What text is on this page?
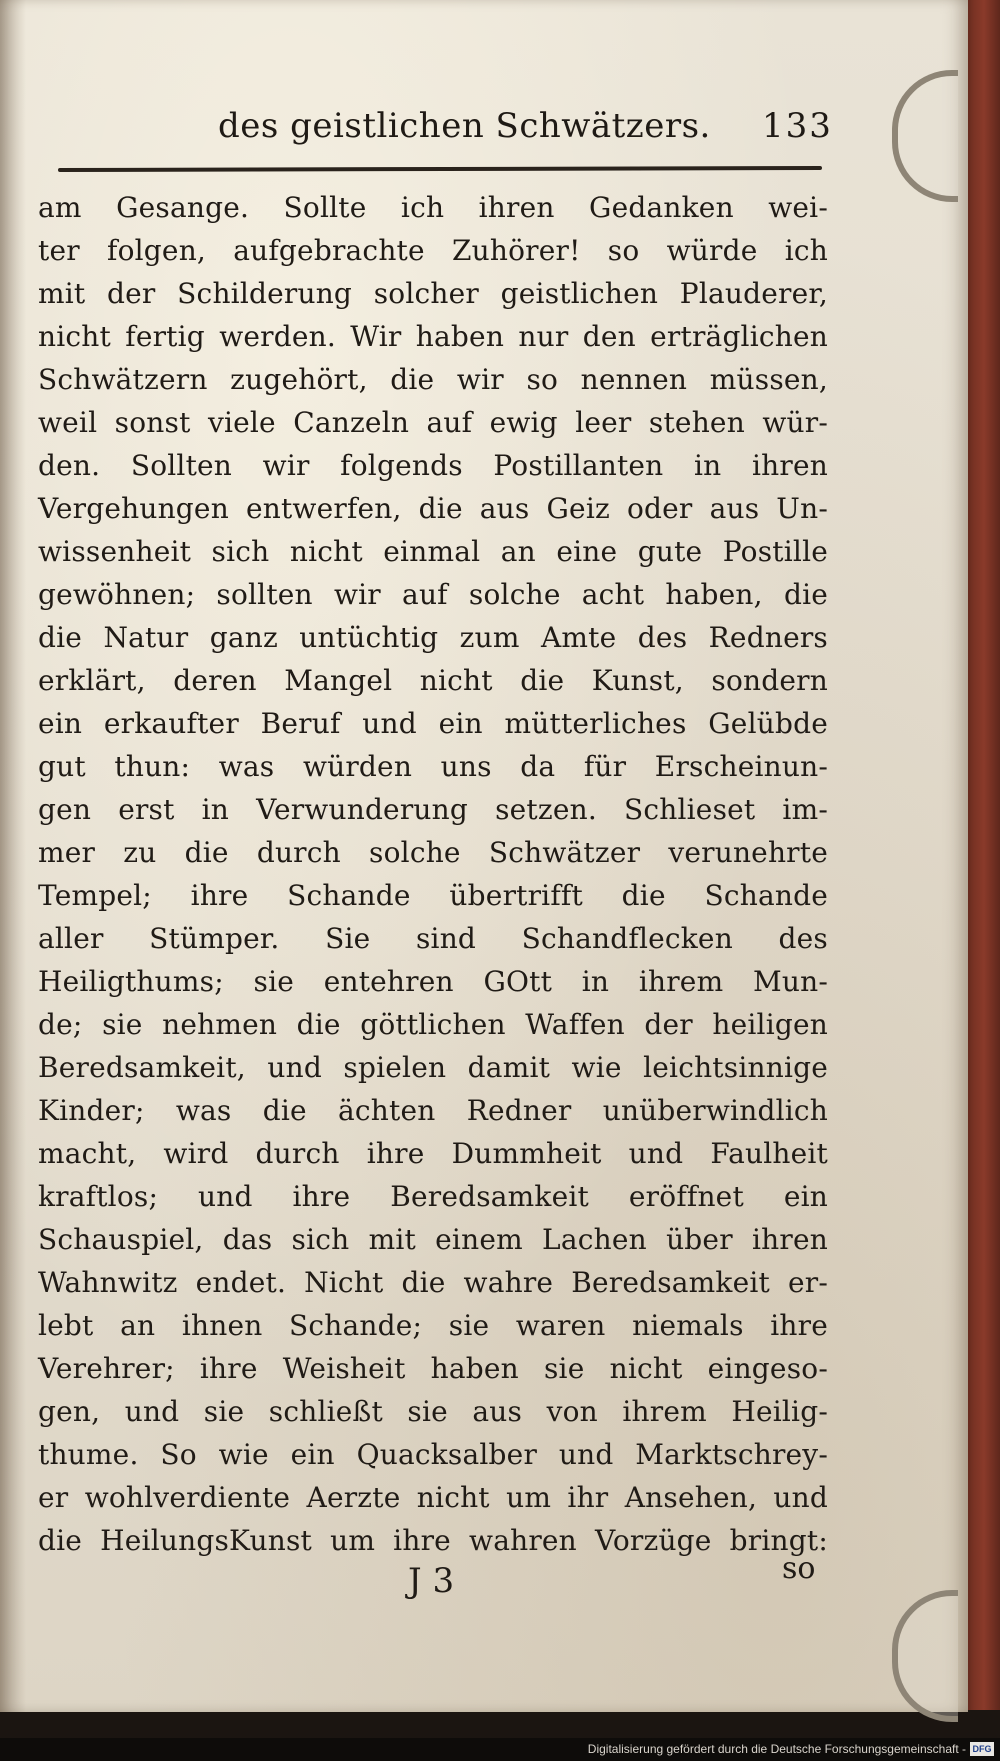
des geistlichen Schwätzers. 133
am Gesange. Sollte ich ihren Gedanken wei-
ter folgen, aufgebrachte Zuhörer! so würde ich
mit der Schilderung solcher geistlichen Plauderer,
nicht fertig werden. Wir haben nur den erträglichen
Schwätzern zugehört, die wir so nennen müssen,
weil sonst viele Canzeln auf ewig leer stehen wür-
den. Sollten wir folgends Postillanten in ihren
Vergehungen entwerfen, die aus Geiz oder aus Un-
wissenheit sich nicht einmal an eine gute Postille
gewöhnen; sollten wir auf solche acht haben, die
die Natur ganz untüchtig zum Amte des Redners
erklärt, deren Mangel nicht die Kunst, sondern
ein erkaufter Beruf und ein mütterliches Gelübde
gut thun: was würden uns da für Erscheinun-
gen erst in Verwunderung setzen. Schlieset im-
mer zu die durch solche Schwätzer verunehrte
Tempel; ihre Schande übertrifft die Schande
aller Stümper. Sie sind Schandflecken des
Heiligthums; sie entehren GOtt in ihrem Mun-
de; sie nehmen die göttlichen Waffen der heiligen
Beredsamkeit, und spielen damit wie leichtsinnige
Kinder; was die ächten Redner unüberwindlich
macht, wird durch ihre Dummheit und Faulheit
kraftlos; und ihre Beredsamkeit eröffnet ein
Schauspiel, das sich mit einem Lachen über ihren
Wahnwitz endet. Nicht die wahre Beredsamkeit er-
lebt an ihnen Schande; sie waren niemals ihre
Verehrer; ihre Weisheit haben sie nicht eingeso-
gen, und sie schließt sie aus von ihrem Heilig-
thume. So wie ein Quacksalber und Marktschrey-
er wohlverdiente Aerzte nicht um ihr Ansehen, und
die HeilungsKunst um ihre wahren Vorzüge bringt:
J 3	so
Digitalisierung gefördert durch die Deutsche Forschungsgemeinschaft - DFG
